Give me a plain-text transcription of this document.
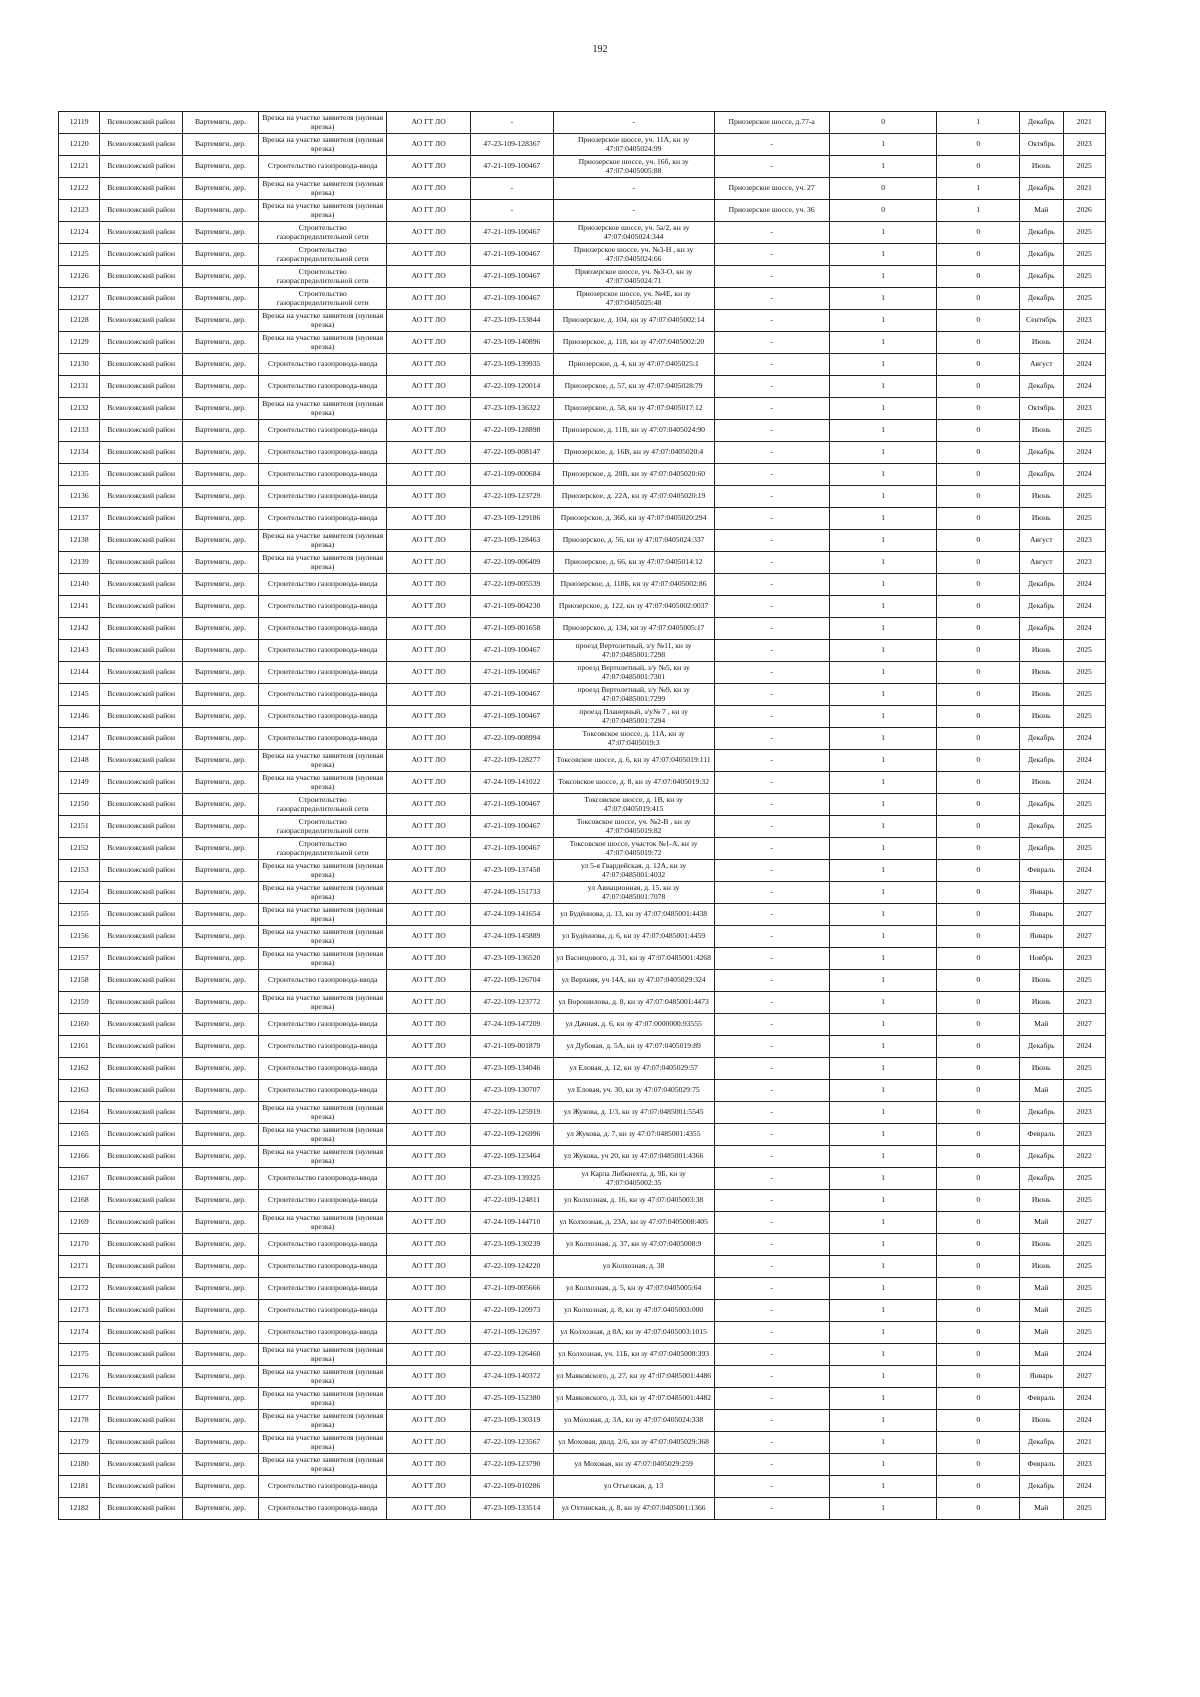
192
12119	Всеволожский район	Вартемяги, дер.	Врезка на участке заявителя (нулевая врезка)	АО ГТ ЛО	-	-	Приозерское шоссе, д.77-а	0	1	Декабрь	2021
12120	Всеволожский район	Вартемяги, дер.	Врезка на участке заявителя (нулевая врезка)	АО ГТ ЛО	47-23-109-128367	Приозерское шоссе, уч. 11А, кн зу 47:07:0405024:99	-	1	0	Октябрь	2023
12121	Всеволожский район	Вартемяги, дер.	Строительство газопровода-ввода	АО ГТ ЛО	47-21-109-100467	Приозерское шоссе, уч. 16б, кн зу 47:07:0405005:88	-	1	0	Июнь	2025
12122	Всеволожский район	Вартемяги, дер.	Врезка на участке заявителя (нулевая врезка)	АО ГТ ЛО	-	-	Приозерское шоссе, уч. 27	0	1	Декабрь	2021
12123	Всеволожский район	Вартемяги, дер.	Врезка на участке заявителя (нулевая врезка)	АО ГТ ЛО	-	-	Приозерское шоссе, уч. 36	0	1	Май	2026
12124	Всеволожский район	Вартемяги, дер.	Строительство газораспределительной сети	АО ГТ ЛО	47-21-109-100467	Приозерское шоссе, уч. 5а/2, кн зу 47:07:0405024:344	-	1	0	Декабрь	2025
12125	Всеволожский район	Вартемяги, дер.	Строительство газораспределительной сети	АО ГТ ЛО	47-21-109-100467	Приозерское шоссе, уч. №3-Н , кн зу 47:07:0405024:66	-	1	0	Декабрь	2025
12126	Всеволожский район	Вартемяги, дер.	Строительство газораспределительной сети	АО ГТ ЛО	47-21-109-100467	Приозерское шоссе, уч. №3-О, кн зу 47:07:0405024:71	-	1	0	Декабрь	2025
12127	Всеволожский район	Вартемяги, дер.	Строительство газораспределительной сети	АО ГТ ЛО	47-21-109-100467	Приозерское шоссе, уч. №4Е, кн зу 47:07:0405025:48	-	1	0	Декабрь	2025
12128	Всеволожский район	Вартемяги, дер.	Врезка на участке заявителя (нулевая врезка)	АО ГТ ЛО	47-23-109-133844	Приозерское, д. 104, кн зу 47:07:0405002:14	-	1	0	Сентябрь	2023
12129	Всеволожский район	Вартемяги, дер.	Врезка на участке заявителя (нулевая врезка)	АО ГТ ЛО	47-23-109-140896	Приозерское, д. 118, кн зу 47:07:0405002:20	-	1	0	Июнь	2024
12130	Всеволожский район	Вартемяги, дер.	Строительство газопровода-ввода	АО ГТ ЛО	47-23-109-139935	Приозерское, д. 4, кн зу 47:07:0405025:1	-	1	0	Август	2024
12131	Всеволожский район	Вартемяги, дер.	Строительство газопровода-ввода	АО ГТ ЛО	47-22-109-120014	Приозерское, д. 57, кн зу 47:07:0405028:79	-	1	0	Декабрь	2024
12132	Всеволожский район	Вартемяги, дер.	Врезка на участке заявителя (нулевая врезка)	АО ГТ ЛО	47-23-109-136322	Приозерское, д. 58, кн зу 47:07:0405017:12	-	1	0	Октябрь	2023
12133	Всеволожский район	Вартемяги, дер.	Строительство газопровода-ввода	АО ГТ ЛО	47-22-109-128898	Приозерское, д. 11В, кн зу 47:07:0405024:90	-	1	0	Июнь	2025
12134	Всеволожский район	Вартемяги, дер.	Строительство газопровода-ввода	АО ГТ ЛО	47-22-109-008147	Приозерское, д. 16В, кн зу 47:07:0405020:4	-	1	0	Декабрь	2024
12135	Всеволожский район	Вартемяги, дер.	Строительство газопровода-ввода	АО ГТ ЛО	47-21-109-000684	Приозерское, д. 20В, кн зу 47:07:0405020:60	-	1	0	Декабрь	2024
12136	Всеволожский район	Вартемяги, дер.	Строительство газопровода-ввода	АО ГТ ЛО	47-22-109-123729	Приозерское, д. 22А, кн зу 47:07:0405020:19	-	1	0	Июнь	2025
12137	Всеволожский район	Вартемяги, дер.	Строительство газопровода-ввода	АО ГТ ЛО	47-23-109-129186	Приозерское, д. 36б, кн зу 47:07:0405020:294	-	1	0	Июнь	2025
12138	Всеволожский район	Вартемяги, дер.	Врезка на участке заявителя (нулевая врезка)	АО ГТ ЛО	47-23-109-128463	Приозерское, д. 56, кн зу 47:07:0405024:337	-	1	0	Август	2023
12139	Всеволожский район	Вартемяги, дер.	Врезка на участке заявителя (нулевая врезка)	АО ГТ ЛО	47-22-109-006409	Приозерское, д. 66, кн зу 47:07:0405014:12	-	1	0	Август	2023
12140	Всеволожский район	Вартемяги, дер.	Строительство газопровода-ввода	АО ГТ ЛО	47-22-109-005539	Приозерское, д. 118Б, кн зу 47:07:0405002:86	-	1	0	Декабрь	2024
12141	Всеволожский район	Вартемяги, дер.	Строительство газопровода-ввода	АО ГТ ЛО	47-21-109-004230	Приозерское, д. 122, кн зу 47:07:0405002:0037	-	1	0	Декабрь	2024
12142	Всеволожский район	Вартемяги, дер.	Строительство газопровода-ввода	АО ГТ ЛО	47-21-109-001658	Приозерское, д. 134, кн зу 47:07:0405005:17	-	1	0	Декабрь	2024
12143	Всеволожский район	Вартемяги, дер.	Строительство газопровода-ввода	АО ГТ ЛО	47-21-109-100467	проезд Вертолетный, з/у №11, кн зу 47:07:0485001:7298	-	1	0	Июнь	2025
12144	Всеволожский район	Вартемяги, дер.	Строительство газопровода-ввода	АО ГТ ЛО	47-21-109-100467	проезд Вертолетный, з/у №5, кн зу 47:07:0485001:7301	-	1	0	Июнь	2025
12145	Всеволожский район	Вартемяги, дер.	Строительство газопровода-ввода	АО ГТ ЛО	47-21-109-100467	проезд Вертолетный, з/у №9, кн зу 47:07:0485001:7299	-	1	0	Июнь	2025
12146	Всеволожский район	Вартемяги, дер.	Строительство газопровода-ввода	АО ГТ ЛО	47-21-109-100467	проезд Планерный, з/у№ 7 , кн зу 47:07:0485001:7294	-	1	0	Июнь	2025
12147	Всеволожский район	Вартемяги, дер.	Строительство газопровода-ввода	АО ГТ ЛО	47-22-109-008994	Токсовское шоссе, д. 11А, кн зу 47:07:0405019:3	-	1	0	Декабрь	2024
12148	Всеволожский район	Вартемяги, дер.	Врезка на участке заявителя (нулевая врезка)	АО ГТ ЛО	47-22-109-128277	Токсовское шоссе, д. 6, кн зу 47:07:0405019:111	-	1	0	Декабрь	2024
12149	Всеволожский район	Вартемяги, дер.	Врезка на участке заявителя (нулевая врезка)	АО ГТ ЛО	47-24-109-141022	Токсовское шоссе, д. 8, кн зу 47:07:0405019:32	-	1	0	Июнь	2024
12150	Всеволожский район	Вартемяги, дер.	Строительство газораспределительной сети	АО ГТ ЛО	47-21-109-100467	Токсовское шоссе, д. 1В, кн зу 47:07:0405019:415	-	1	0	Декабрь	2025
12151	Всеволожский район	Вартемяги, дер.	Строительство газораспределительной сети	АО ГТ ЛО	47-21-109-100467	Токсовское шоссе, уч. №2-В , кн зу 47:07:0405019:82	-	1	0	Декабрь	2025
12152	Всеволожский район	Вартемяги, дер.	Строительство газораспределительной сети	АО ГТ ЛО	47-21-109-100467	Токсовское шоссе, участок №1-А, кн зу 47:07:0405019:72	-	1	0	Декабрь	2025
12153	Всеволожский район	Вартемяги, дер.	Врезка на участке заявителя (нулевая врезка)	АО ГТ ЛО	47-23-109-137458	ул 5-я Гвардейская, д. 12А, кн зу 47:07:0485001:4032	-	1	0	Февраль	2024
12154	Всеволожский район	Вартемяги, дер.	Врезка на участке заявителя (нулевая врезка)	АО ГТ ЛО	47-24-109-151733	ул Авиационная, д. 15, кн зу 47:07:0485001:7078	-	1	0	Январь	2027
12155	Всеволожский район	Вартемяги, дер.	Врезка на участке заявителя (нулевая врезка)	АО ГТ ЛО	47-24-109-141654	ул Будённова, д. 13, кн зу 47:07:0485001:4438	-	1	0	Январь	2027
12156	Всеволожский район	Вартемяги, дер.	Врезка на участке заявителя (нулевая врезка)	АО ГТ ЛО	47-24-109-145889	ул Будённова, д. 6, кн зу 47:07:0485001:4459	-	1	0	Январь	2027
12157	Всеволожский район	Вартемяги, дер.	Врезка на участке заявителя (нулевая врезка)	АО ГТ ЛО	47-23-109-136520	ул Васнецового, д. 31, кн зу 47:07:0485001:4268	-	1	0	Ноябрь	2023
12158	Всеволожский район	Вартемяги, дер.	Строительство газопровода-ввода	АО ГТ ЛО	47-22-109-126704	ул Верхняя, уч 14А, кн зу 47:07:0405029:324	-	1	0	Июнь	2025
12159	Всеволожский район	Вартемяги, дер.	Врезка на участке заявителя (нулевая врезка)	АО ГТ ЛО	47-22-109-123772	ул Ворошилова, д. 8, кн зу 47:07:0485001:4473	-	1	0	Июнь	2023
12160	Всеволожский район	Вартемяги, дер.	Строительство газопровода-ввода	АО ГТ ЛО	47-24-109-147209	ул Дачная, д. 6, кн зу 47:07:0000000:93555	-	1	0	Май	2027
12161	Всеволожский район	Вартемяги, дер.	Строительство газопровода-ввода	АО ГТ ЛО	47-21-109-001879	ул Дубовая, д. 5А, кн зу 47:07:0405019:89	-	1	0	Декабрь	2024
12162	Всеволожский район	Вартемяги, дер.	Строительство газопровода-ввода	АО ГТ ЛО	47-23-109-134046	ул Еловая, д. 12, кн зу 47:07:0405029:57	-	1	0	Июнь	2025
12163	Всеволожский район	Вартемяги, дер.	Строительство газопровода-ввода	АО ГТ ЛО	47-23-109-130707	ул Еловая, уч. 30, кн зу 47:07:0405029:75	-	1	0	Май	2025
12164	Всеволожский район	Вартемяги, дер.	Врезка на участке заявителя (нулевая врезка)	АО ГТ ЛО	47-22-109-125919	ул Жукова, д. 1/3, кн зу 47:07:0485001:5545	-	1	0	Декабрь	2023
12165	Всеволожский район	Вартемяги, дер.	Врезка на участке заявителя (нулевая врезка)	АО ГТ ЛО	47-22-109-126996	ул Жукова, д. 7, кн зу 47:07:0485001:4355	-	1	0	Февраль	2023
12166	Всеволожский район	Вартемяги, дер.	Врезка на участке заявителя (нулевая врезка)	АО ГТ ЛО	47-22-109-123464	ул Жукова, уч 20, кн зу 47:07:0485001:4366	-	1	0	Декабрь	2022
12167	Всеволожский район	Вартемяги, дер.	Строительство газопровода-ввода	АО ГТ ЛО	47-23-109-139325	ул Карла Либкнехта, д. 9Б, кн зу 47:07:0405002:35	-	1	0	Декабрь	2025
12168	Всеволожский район	Вартемяги, дер.	Строительство газопровода-ввода	АО ГТ ЛО	47-22-109-124811	ул Колхозная, д. 16, кн зу 47:07:0405003:38	-	1	0	Июнь	2025
12169	Всеволожский район	Вартемяги, дер.	Врезка на участке заявителя (нулевая врезка)	АО ГТ ЛО	47-24-109-144710	ул Колхозная, д. 23А, кн зу 47:07:0405008:405	-	1	0	Май	2027
12170	Всеволожский район	Вартемяги, дер.	Строительство газопровода-ввода	АО ГТ ЛО	47-23-109-130239	ул Колхозная, д. 37, кн зу 47:07:0405008:9	-	1	0	Июнь	2025
12171	Всеволожский район	Вартемяги, дер.	Строительство газопровода-ввода	АО ГТ ЛО	47-22-109-124220	ул Колхозная, д. 38	-	1	0	Июнь	2025
12172	Всеволожский район	Вартемяги, дер.	Строительство газопровода-ввода	АО ГТ ЛО	47-21-109-005666	ул Колхозная, д. 5, кн зу 47:07:0405005:64	-	1	0	Май	2025
12173	Всеволожский район	Вартемяги, дер.	Строительство газопровода-ввода	АО ГТ ЛО	47-22-109-120973	ул Колхозная, д. 8, кн зу 47:07:0405003:000	-	1	0	Май	2025
12174	Всеволожский район	Вартемяги, дер.	Строительство газопровода-ввода	АО ГТ ЛО	47-21-109-126397	ул Колхозная, д 8А, кн зу 47:07:0405003:1015	-	1	0	Май	2025
12175	Всеволожский район	Вартемяги, дер.	Врезка на участке заявителя (нулевая врезка)	АО ГТ ЛО	47-22-109-126460	ул Колхозная, уч. 11Б, кн зу 47:07:0405008:393	-	1	0	Май	2024
12176	Всеволожский район	Вартемяги, дер.	Врезка на участке заявителя (нулевая врезка)	АО ГТ ЛО	47-24-109-140372	ул Маяковского, д. 27, кн зу 47:07:0485001:4486	-	1	0	Январь	2027
12177	Всеволожский район	Вартемяги, дер.	Врезка на участке заявителя (нулевая врезка)	АО ГТ ЛО	47-25-109-152380	ул Маяковского, д. 33, кн зу 47:07:0485001:4482	-	1	0	Февраль	2024
12178	Всеволожский район	Вартемяги, дер.	Врезка на участке заявителя (нулевая врезка)	АО ГТ ЛО	47-23-109-130319	ул Моховая, д. 3А, кн зу 47:07:0405024:338	-	1	0	Июнь	2024
12179	Всеволожский район	Вартемяги, дер.	Врезка на участке заявителя (нулевая врезка)	АО ГТ ЛО	47-22-109-123567	ул Моховая, двлд. 2/6, кн зу 47:07:0405029:368	-	1	0	Декабрь	2021
12180	Всеволожский район	Вартемяги, дер.	Врезка на участке заявителя (нулевая врезка)	АО ГТ ЛО	47-22-109-123790	ул Моховая, кн зу 47:07:0405029:259	-	1	0	Февраль	2023
12181	Всеволожский район	Вартемяги, дер.	Строительство газопровода-ввода	АО ГТ ЛО	47-22-109-010286	ул Отъезжая, д. 13	-	1	0	Декабрь	2024
12182	Всеволожский район	Вартемяги, дер.	Строительство газопровода-ввода	АО ГТ ЛО	47-23-109-133514	ул Охтинская, д. 8, кн зу 47:07:0405001:1366	-	1	0	Май	2025
